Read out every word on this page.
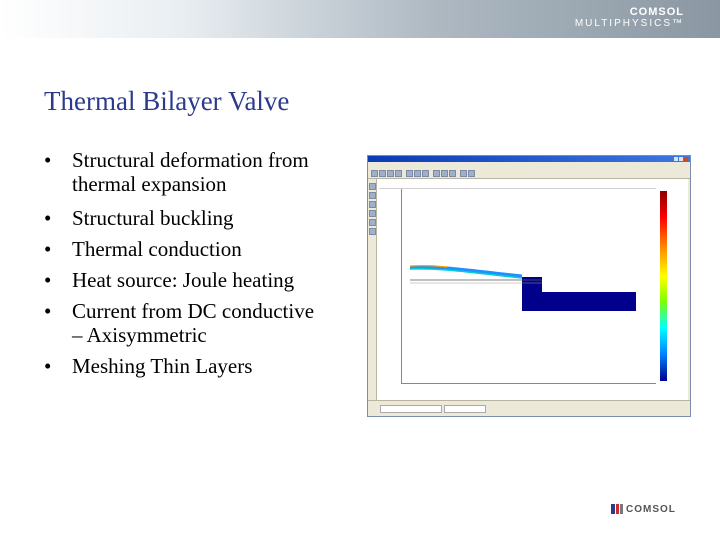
COMSOL
MULTIPHYSICS™
Thermal Bilayer Valve
• Structural deformation from
thermal expansion
• Structural buckling
• Thermal conduction
• Heat source: Joule heating
• Current from DC conductive
– Axisymmetric
• Meshing Thin Layers
COMSOL
